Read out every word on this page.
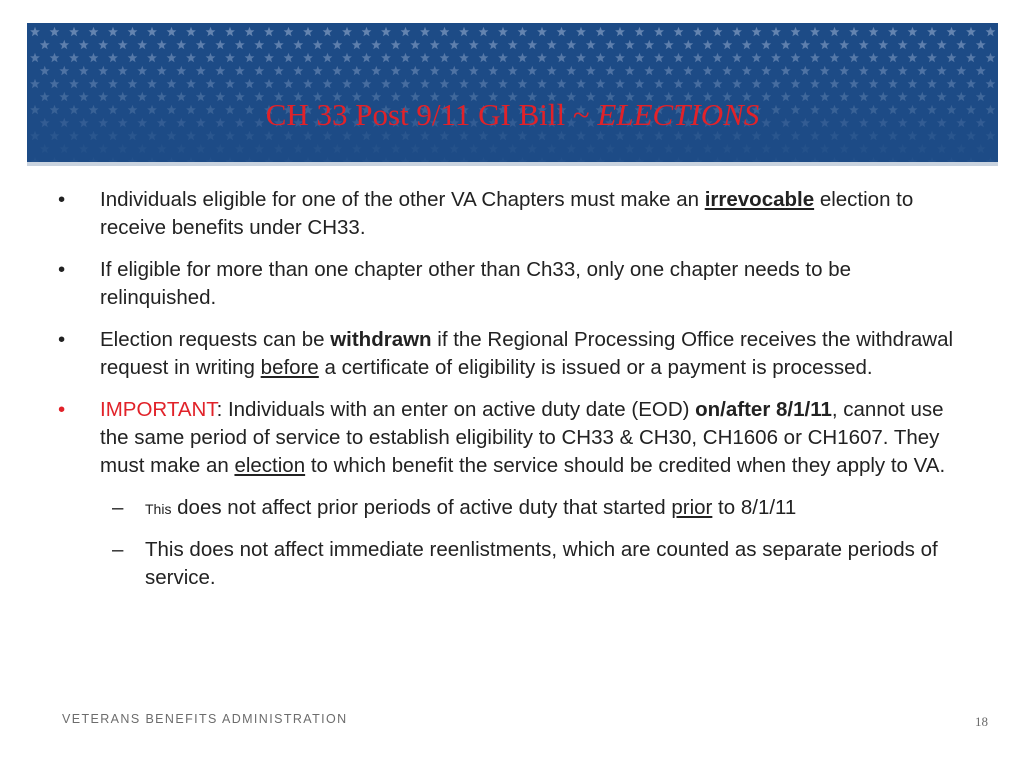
CH 33 Post 9/11 GI Bill ~ ELECTIONS
•	Individuals eligible for one of the other VA Chapters must make an irrevocable election to receive benefits under CH33.
•	If eligible for more than one chapter other than Ch33, only one chapter needs to be relinquished.
•	Election requests can be withdrawn if the Regional Processing Office receives the withdrawal request in writing before a certificate of eligibility is issued or a payment is processed.
•	IMPORTANT: Individuals with an enter on active duty date (EOD) on/after 8/1/11, cannot use the same period of service to establish eligibility to CH33 & CH30, CH1606 or CH1607. They must make an election to which benefit the service should be credited when they apply to VA.
– This does not affect prior periods of active duty that started prior to 8/1/11
– This does not affect immediate reenlistments, which are counted as separate periods of service.
VETERANS BENEFITS ADMINISTRATION	18
